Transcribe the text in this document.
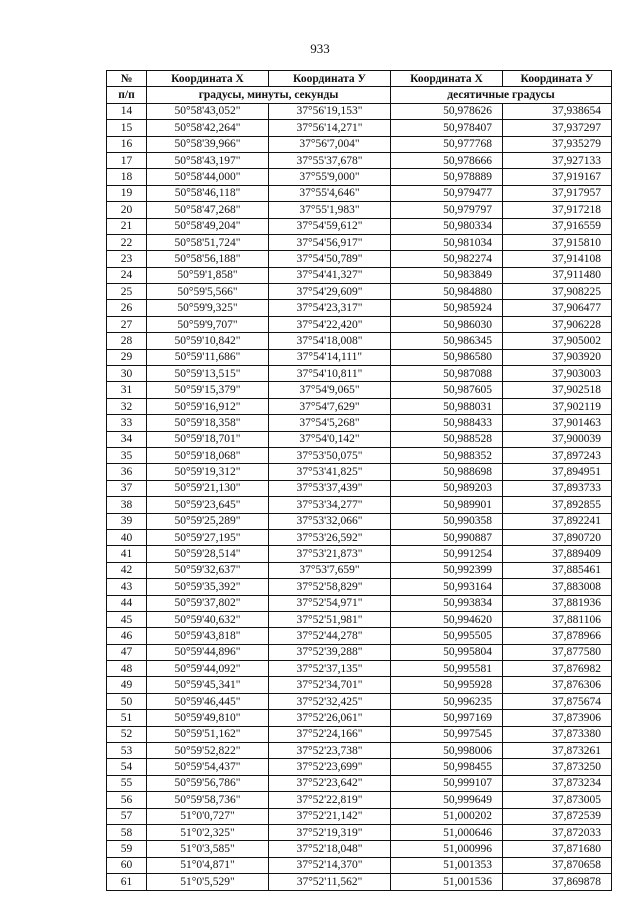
933
№	Координата Х	Координата У	Координата Х	Координата У
п/п	градусы, минуты, секунды		десятичные градусы	
14	50°58'43,052"	37°56'19,153"	50,978626	37,938654
15	50°58'42,264"	37°56'14,271"	50,978407	37,937297
16	50°58'39,966"	37°56'7,004"	50,977768	37,935279
17	50°58'43,197"	37°55'37,678"	50,978666	37,927133
18	50°58'44,000"	37°55'9,000"	50,978889	37,919167
19	50°58'46,118"	37°55'4,646"	50,979477	37,917957
20	50°58'47,268"	37°55'1,983"	50,979797	37,917218
21	50°58'49,204"	37°54'59,612"	50,980334	37,916559
22	50°58'51,724"	37°54'56,917"	50,981034	37,915810
23	50°58'56,188"	37°54'50,789"	50,982274	37,914108
24	50°59'1,858"	37°54'41,327"	50,983849	37,911480
25	50°59'5,566"	37°54'29,609"	50,984880	37,908225
26	50°59'9,325"	37°54'23,317"	50,985924	37,906477
27	50°59'9,707"	37°54'22,420"	50,986030	37,906228
28	50°59'10,842"	37°54'18,008"	50,986345	37,905002
29	50°59'11,686"	37°54'14,111"	50,986580	37,903920
30	50°59'13,515"	37°54'10,811"	50,987088	37,903003
31	50°59'15,379"	37°54'9,065"	50,987605	37,902518
32	50°59'16,912"	37°54'7,629"	50,988031	37,902119
33	50°59'18,358"	37°54'5,268"	50,988433	37,901463
34	50°59'18,701"	37°54'0,142"	50,988528	37,900039
35	50°59'18,068"	37°53'50,075"	50,988352	37,897243
36	50°59'19,312"	37°53'41,825"	50,988698	37,894951
37	50°59'21,130"	37°53'37,439"	50,989203	37,893733
38	50°59'23,645"	37°53'34,277"	50,989901	37,892855
39	50°59'25,289"	37°53'32,066"	50,990358	37,892241
40	50°59'27,195"	37°53'26,592"	50,990887	37,890720
41	50°59'28,514"	37°53'21,873"	50,991254	37,889409
42	50°59'32,637"	37°53'7,659"	50,992399	37,885461
43	50°59'35,392"	37°52'58,829"	50,993164	37,883008
44	50°59'37,802"	37°52'54,971"	50,993834	37,881936
45	50°59'40,632"	37°52'51,981"	50,994620	37,881106
46	50°59'43,818"	37°52'44,278"	50,995505	37,878966
47	50°59'44,896"	37°52'39,288"	50,995804	37,877580
48	50°59'44,092"	37°52'37,135"	50,995581	37,876982
49	50°59'45,341"	37°52'34,701"	50,995928	37,876306
50	50°59'46,445"	37°52'32,425"	50,996235	37,875674
51	50°59'49,810"	37°52'26,061"	50,997169	37,873906
52	50°59'51,162"	37°52'24,166"	50,997545	37,873380
53	50°59'52,822"	37°52'23,738"	50,998006	37,873261
54	50°59'54,437"	37°52'23,699"	50,998455	37,873250
55	50°59'56,786"	37°52'23,642"	50,999107	37,873234
56	50°59'58,736"	37°52'22,819"	50,999649	37,873005
57	51°0'0,727"	37°52'21,142"	51,000202	37,872539
58	51°0'2,325"	37°52'19,319"	51,000646	37,872033
59	51°0'3,585"	37°52'18,048"	51,000996	37,871680
60	51°0'4,871"	37°52'14,370"	51,001353	37,870658
61	51°0'5,529"	37°52'11,562"	51,001536	37,869878
